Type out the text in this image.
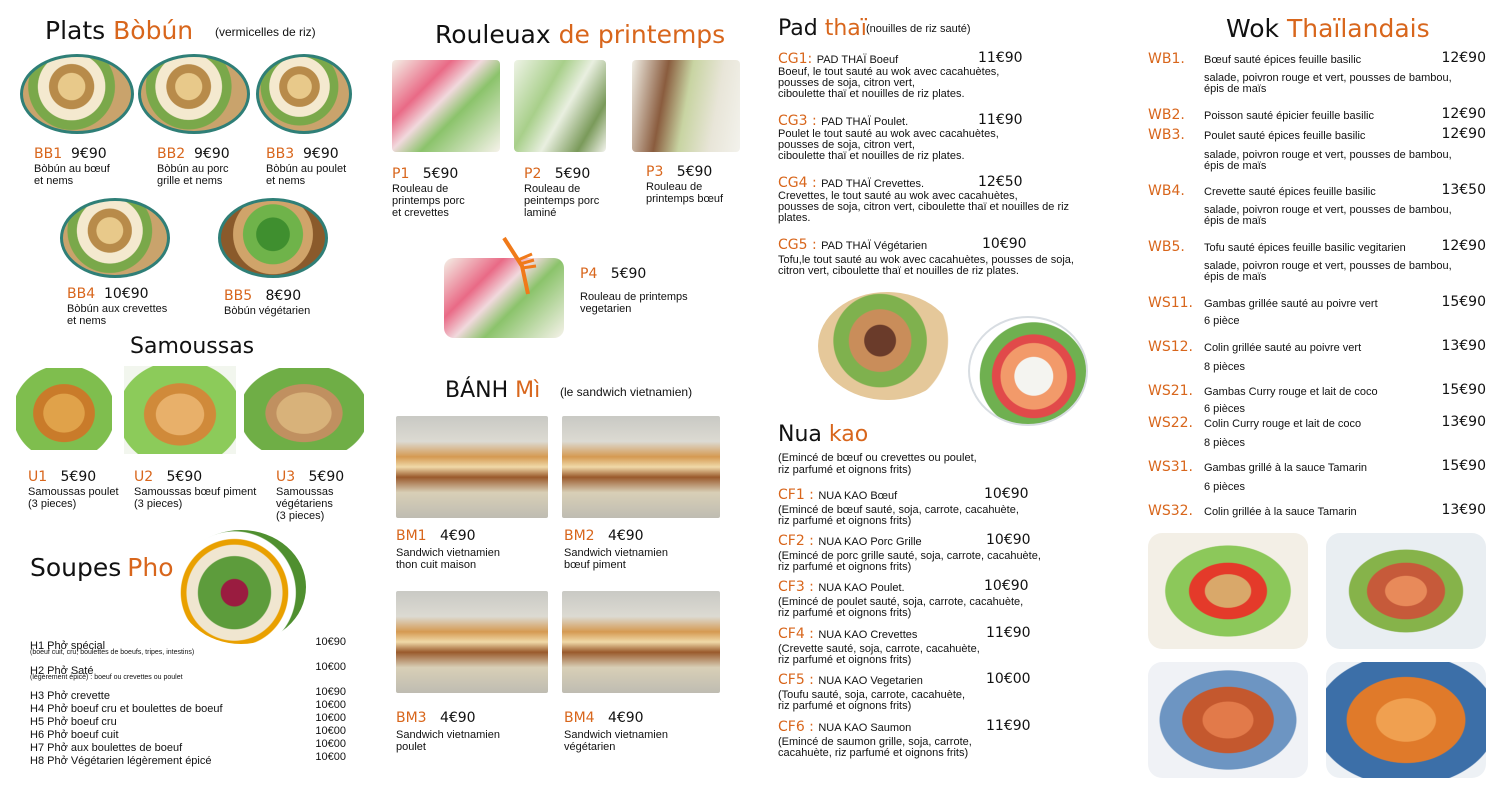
Plats Bòbún (vermicelles de riz)
BB1 9€90
Bòbún au bœuf
et nems
BB2 9€90
Bòbún au porc
grille et nems
BB3 9€90
Bòbún au poulet
et nems
BB4 10€90
Bòbún aux crevettes
et nems
BB5 8€90
Bòbún végétarien
Samoussas
U1 5€90
Samoussas poulet
(3 pieces)
U2 5€90
Samoussas bœuf piment
(3 pieces)
U3 5€90
Samoussas
végétariens
(3 pieces)
Soupes Pho
H1 Phở spécial	10€90
(boeuf cuit, cru, boulettes de boeufs, tripes, intestins)
H2 Phở Saté	10€00
(légèrement épicé) : boeuf ou crevettes ou poulet
H3 Phở crevette	10€90
H4 Phở boeuf cru et boulettes de boeuf	10€00
H5 Phở boeuf cru	10€00
H6 Phở boeuf cuit	10€00
H7 Phở aux boulettes de boeuf	10€00
H8 Phở Végétarien légèrement épicé	10€00
Rouleuax de printemps
P1 5€90
Rouleau de
printemps porc
et crevettes
P2 5€90
Rouleau de
peintemps porc
laminé
P3 5€90
Rouleau de
printemps bœuf
P4 5€90
Rouleau de printemps
vegetarien
BÁNH Mì (le sandwich vietnamien)
BM1 4€90
Sandwich vietnamien
thon cuit maison
BM2 4€90
Sandwich vietnamien
bœuf piment
BM3 4€90
Sandwich vietnamien
poulet
BM4 4€90
Sandwich vietnamien
végétarien
Pad thaï (nouilles de riz sauté)
CG1: PAD THAÏ Boeuf	11€90
Boeuf, le tout sauté au wok avec cacahuètes,
pousses de soja, citron vert,
ciboulette thaï et nouilles de riz plates.
CG3 : PAD THAÏ Poulet.	11€90
Poulet le tout sauté au wok avec cacahuètes,
pousses de soja, citron vert,
ciboulette thaï et nouilles de riz plates.
CG4 : PAD THAÏ Crevettes.	12€50
Crevettes, le tout sauté au wok avec cacahuètes,
pousses de soja, citron vert, ciboulette thaï et nouilles de riz
plates.
CG5 : PAD THAÏ Végétarien	10€90
Tofu,le tout sauté au wok avec cacahuètes, pousses de soja,
citron vert, ciboulette thaï et nouilles de riz plates.
Nua kao
(Emincé de bœuf ou crevettes ou poulet,
riz parfumé et oignons frits)
CF1 : NUA KAO Bœuf	10€90
(Emincé de bœuf sauté, soja, carrote, cacahuète,
riz parfumé et oignons frits)
CF2 : NUA KAO Porc Grille	10€90
(Emincé de porc grille sauté, soja, carrote, cacahuète,
riz parfumé et oignons frits)
CF3 : NUA KAO Poulet.	10€90
(Emincé de poulet sauté, soja, carrote, cacahuète,
riz parfumé et oignons frits)
CF4 : NUA KAO Crevettes	11€90
(Crevette sauté, soja, carrote, cacahuète,
riz parfumé et oignons frits)
CF5 : NUA KAO Vegetarien	10€00
(Toufu sauté, soja, carrote, cacahuète,
riz parfumé et oignons frits)
CF6 : NUA KAO Saumon	11€90
(Emincé de saumon grille, soja, carrote,
cacahuète, riz parfumé et oignons frits)
Wok Thaïlandais
WB1. Bœuf sauté épices feuille basilic	12€90
salade, poivron rouge et vert, pousses de bambou,
épis de maïs
WB2. Poisson sauté épicier feuille basilic	12€90
WB3. Poulet sauté épices feuille basilic	12€90
salade, poivron rouge et vert, pousses de bambou,
épis de maïs
WB4. Crevette sauté épices feuille basilic	13€50
salade, poivron rouge et vert, pousses de bambou,
épis de maïs
WB5. Tofu sauté épices feuille basilic vegitarien	12€90
salade, poivron rouge et vert, pousses de bambou,
épis de maïs
WS11. Gambas grillée sauté au poivre vert	15€90
6 pièce
WS12. Colin grillée sauté au poivre vert	13€90
8 pièces
WS21. Gambas Curry rouge et lait de coco	15€90
6 pièces
WS22. Colin Curry rouge et lait de coco	13€90
8 pièces
WS31. Gambas grillé à la sauce Tamarin	15€90
6 pièces
WS32. Colin grillée à la sauce Tamarin	13€90
